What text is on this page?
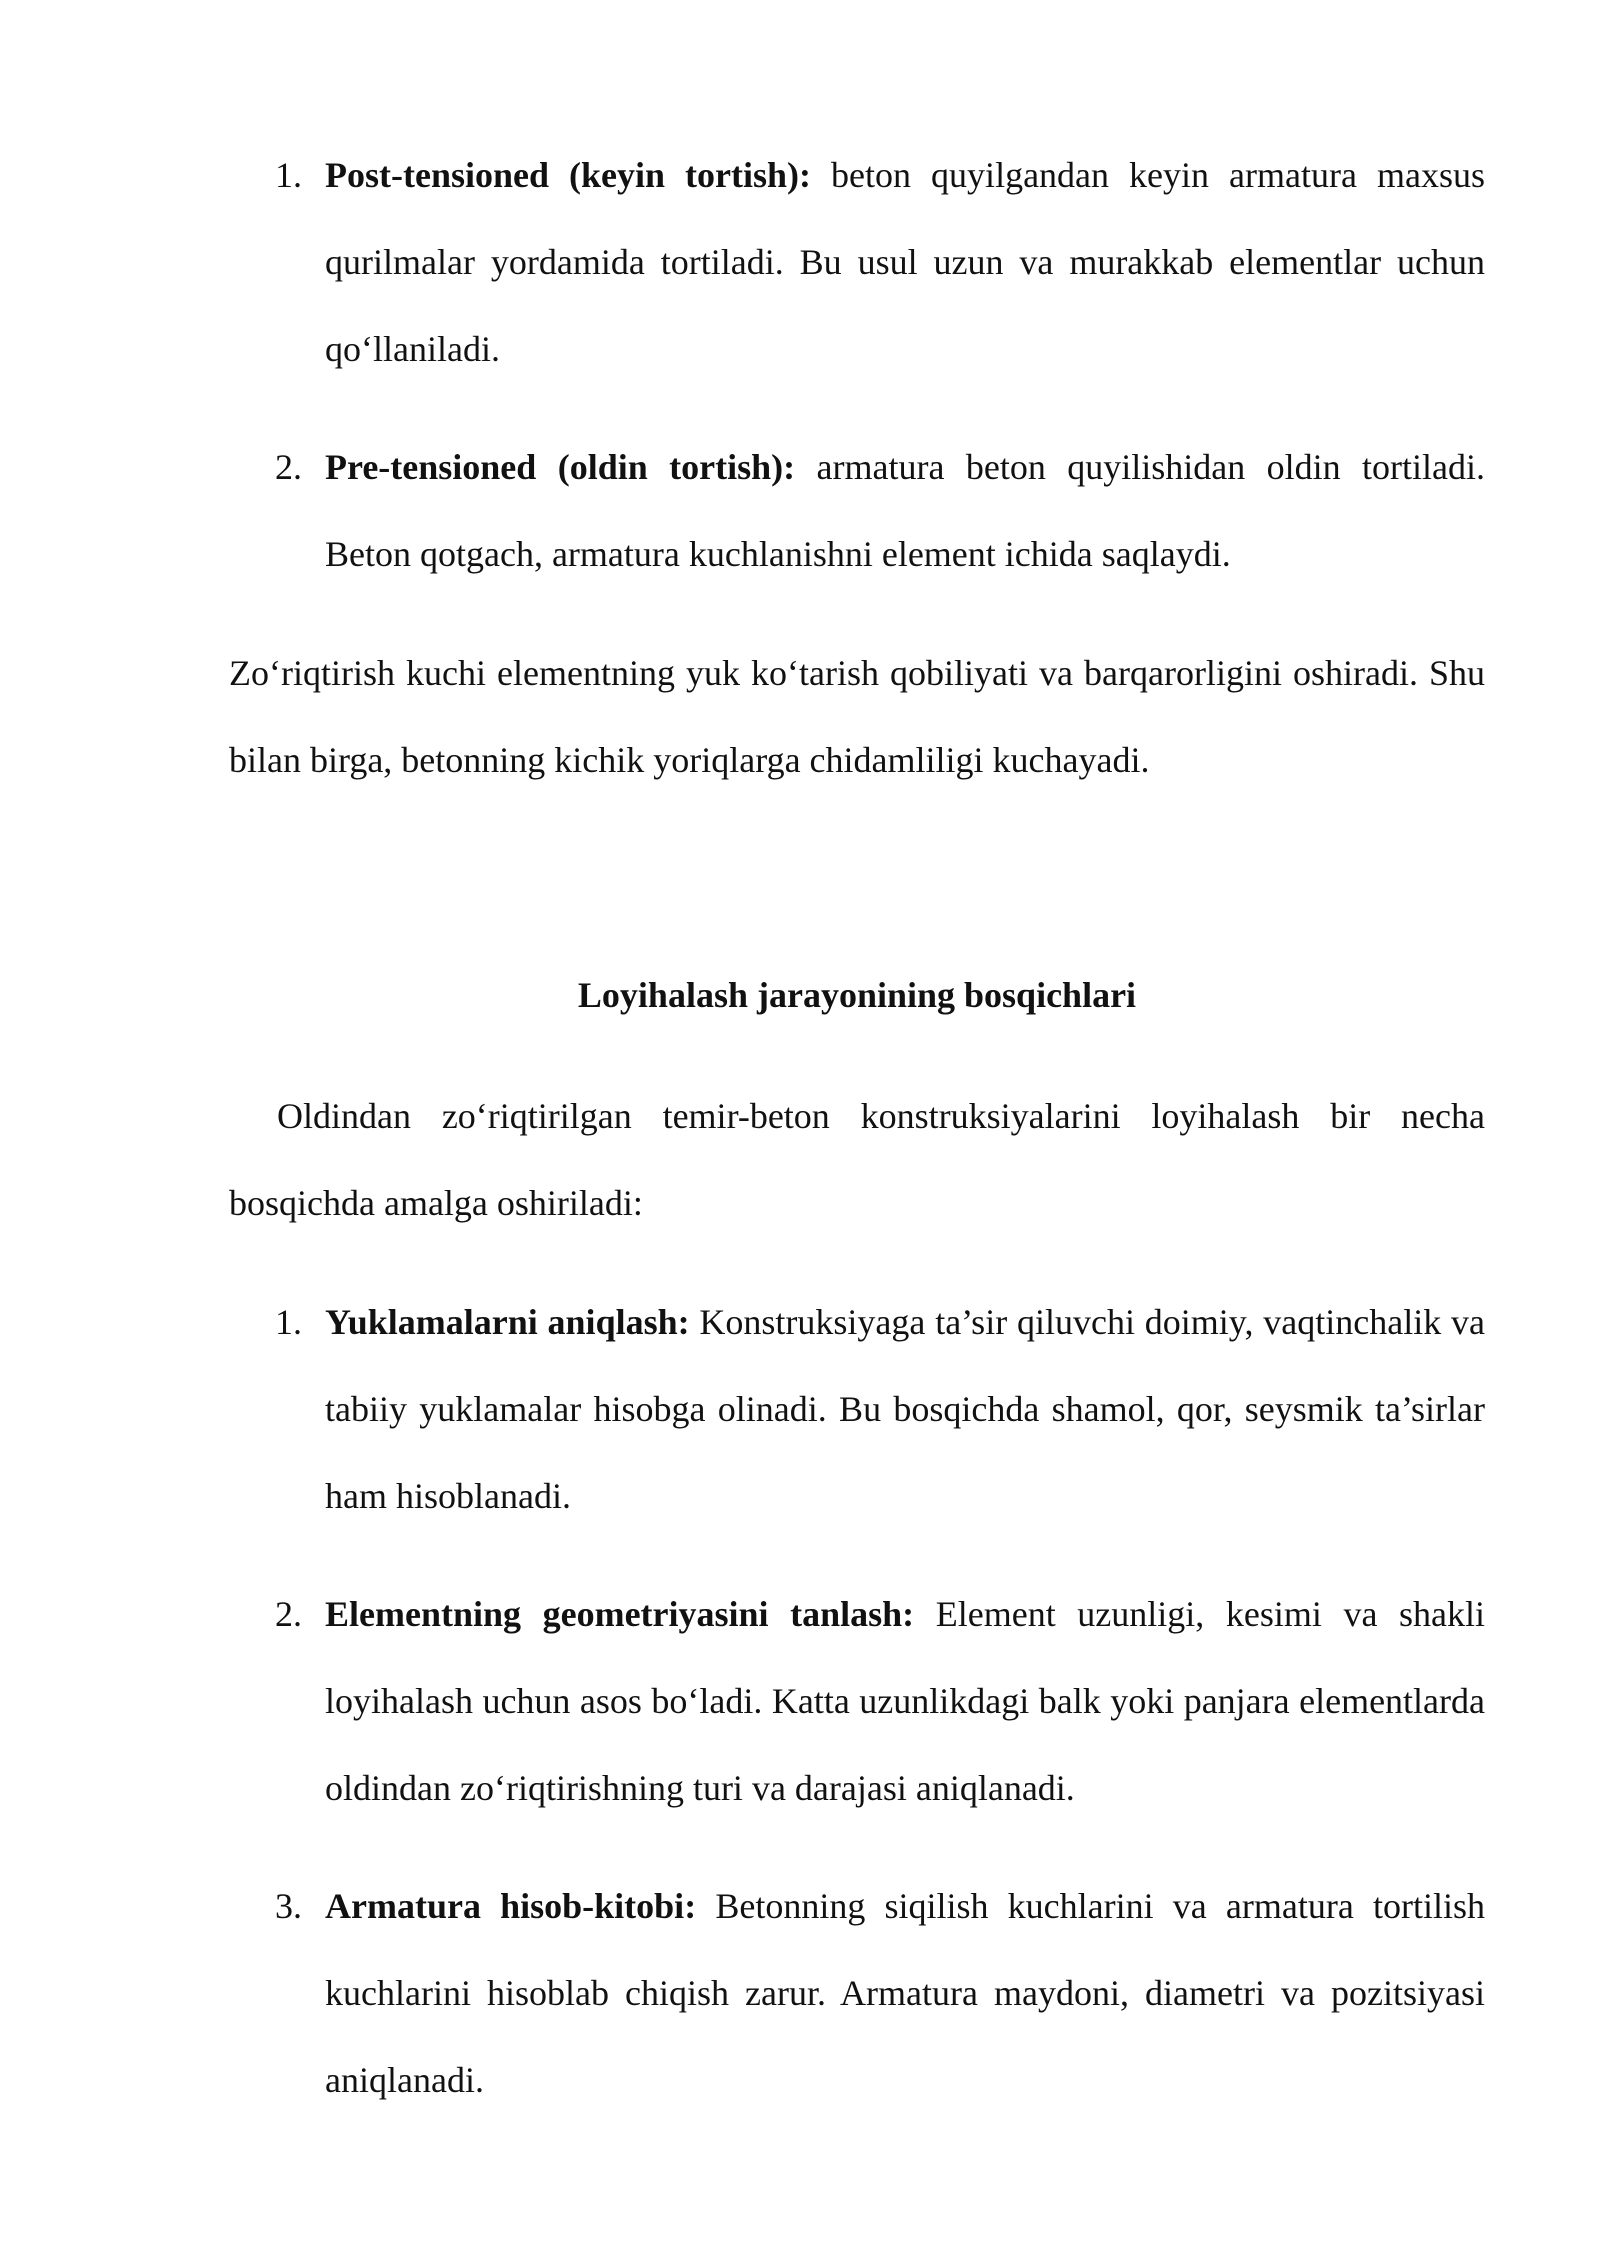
1. Post-tensioned (keyin tortish): beton quyilgandan keyin armatura maxsus qurilmalar yordamida tortiladi. Bu usul uzun va murakkab elementlar uchun qo‘llaniladi.
2. Pre-tensioned (oldin tortish): armatura beton quyilishidan oldin tortiladi. Beton qotgach, armatura kuchlanishni element ichida saqlaydi.
Zo‘riqtirish kuchi elementning yuk ko‘tarish qobiliyati va barqarorligini oshiradi. Shu bilan birga, betonning kichik yoriqlarga chidamliligi kuchayadi.
Loyihalash jarayonining bosqichlari
Oldindan zo‘riqtirilgan temir-beton konstruksiyalarini loyihalash bir necha bosqichda amalga oshiriladi:
1. Yuklamalarni aniqlash: Konstruksiyaga ta’sir qiluvchi doimiy, vaqtinchalik va tabiiy yuklamalar hisobga olinadi. Bu bosqichda shamol, qor, seysmik ta’sirlar ham hisoblanadi.
2. Elementning geometriyasini tanlash: Element uzunligi, kesimi va shakli loyihalash uchun asos bo‘ladi. Katta uzunlikdagi balk yoki panjara elementlarda oldindan zo‘riqtirishning turi va darajasi aniqlanadi.
3. Armatura hisob-kitobi: Betonning siqilish kuchlarini va armatura tortilish kuchlarini hisoblab chiqish zarur. Armatura maydoni, diametri va pozitsiyasi aniqlanadi.
